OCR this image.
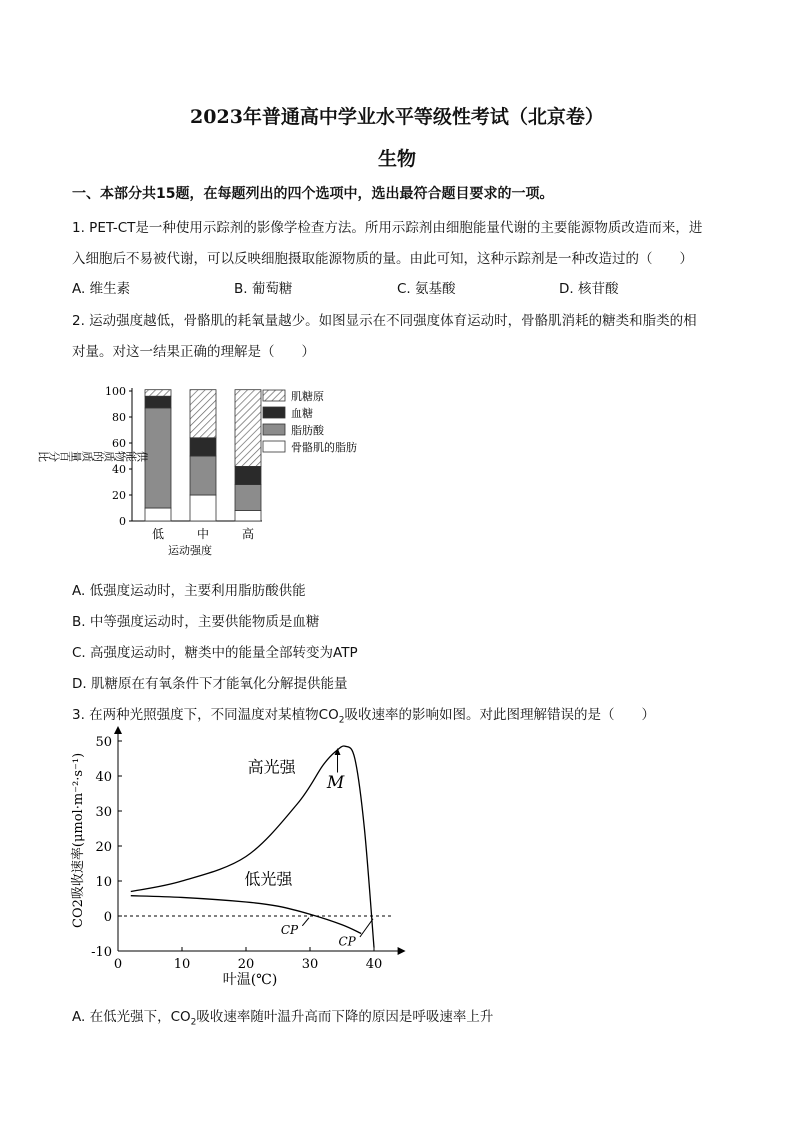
2023年普通高中学业水平等级性考试（北京卷）
生物
一、本部分共15题，在每题列出的四个选项中，选出最符合题目要求的一项。
1. PET-CT是一种使用示踪剂的影像学检查方法。所用示踪剂由细胞能量代谢的主要能源物质改造而来，进
入细胞后不易被代谢，可以反映细胞摄取能源物质的量。由此可知，这种示踪剂是一种改造过的（　　）
A. 维生素	B. 葡萄糖	C. 氨基酸	D. 核苷酸
2. 运动强度越低，骨骼肌的耗氧量越少。如图显示在不同强度体育运动时，骨骼肌消耗的糖类和脂类的相
对量。对这一结果正确的理解是（　　）
0
20
40
60
80
100
低	中	高
肌糖原
血糖
脂肪酸
骨骼肌的脂肪
供能物质的质量百分比
运动强度
A. 低强度运动时，主要利用脂肪酸供能
B. 中等强度运动时，主要供能物质是血糖
C. 高强度运动时，糖类中的能量全部转变为ATP
D. 肌糖原在有氧条件下才能氧化分解提供能量
3. 在两种光照强度下，不同温度对某植物$CO_2$吸收速率的影响如图。对此图理解错误的是（　　）
-10
0
10
20
30
40
50
0	10	20	30	40
高光强
低光强
M
CP
CP
叶温(℃)
CO2吸收速率(μmol·m⁻²·s⁻¹)
A. 在低光强下，$CO_2$吸收速率随叶温升高而下降的原因是呼吸速率上升
